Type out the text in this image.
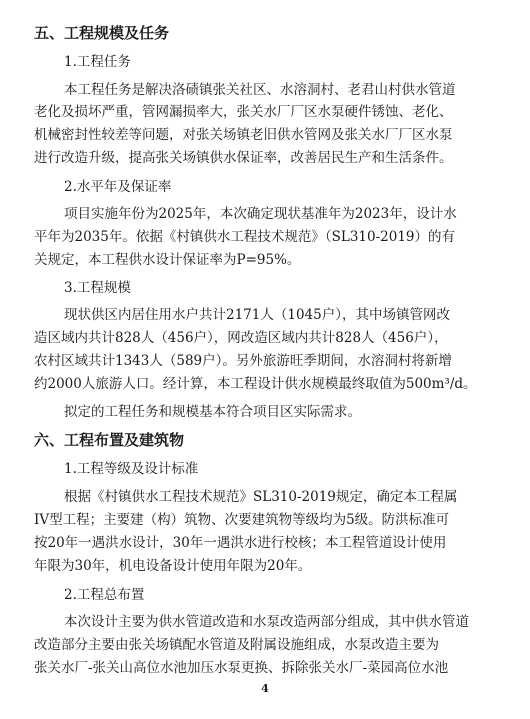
五、工程规模及任务

1.工程任务

本工程任务是解决洛碛镇张关社区、水溶洞村、老君山村供水管道

老化及损坏严重，管网漏损率大，张关水厂厂区水泵硬件锈蚀、老化、

机械密封性较差等问题，对张关场镇老旧供水管网及张关水厂厂区水泵

进行改造升级，提高张关场镇供水保证率，改善居民生产和生活条件。

2.水平年及保证率

项目实施年份为2025年，本次确定现状基准年为2023年，设计水

平年为2035年。依据《村镇供水工程技术规范》（SL310-2019）的有

关规定，本工程供水设计保证率为P=95%。

3.工程规模

现状供区内居住用水户共计2171人（1045户），其中场镇管网改

造区域内共计828人（456户），网改造区域内共计828人（456户），

农村区域共计1343人（589户）。另外旅游旺季期间，水溶洞村将新增

约2000人旅游人口。经计算，本工程设计供水规模最终取值为500m³/d。

拟定的工程任务和规模基本符合项目区实际需求。

六、工程布置及建筑物

1.工程等级及设计标准

根据《村镇供水工程技术规范》SL310-2019规定，确定本工程属

IV型工程；主要建（构）筑物、次要建筑物等级均为5级。防洪标准可

按20年一遇洪水设计，30年一遇洪水进行校核；本工程管道设计使用

年限为30年，机电设备设计使用年限为20年。

2.工程总布置

本次设计主要为供水管道改造和水泵改造两部分组成，其中供水管道

改造部分主要由张关场镇配水管道及附属设施组成，水泵改造主要为

张关水厂-张关山高位水池加压水泵更换、拆除张关水厂-菜园高位水池

4
